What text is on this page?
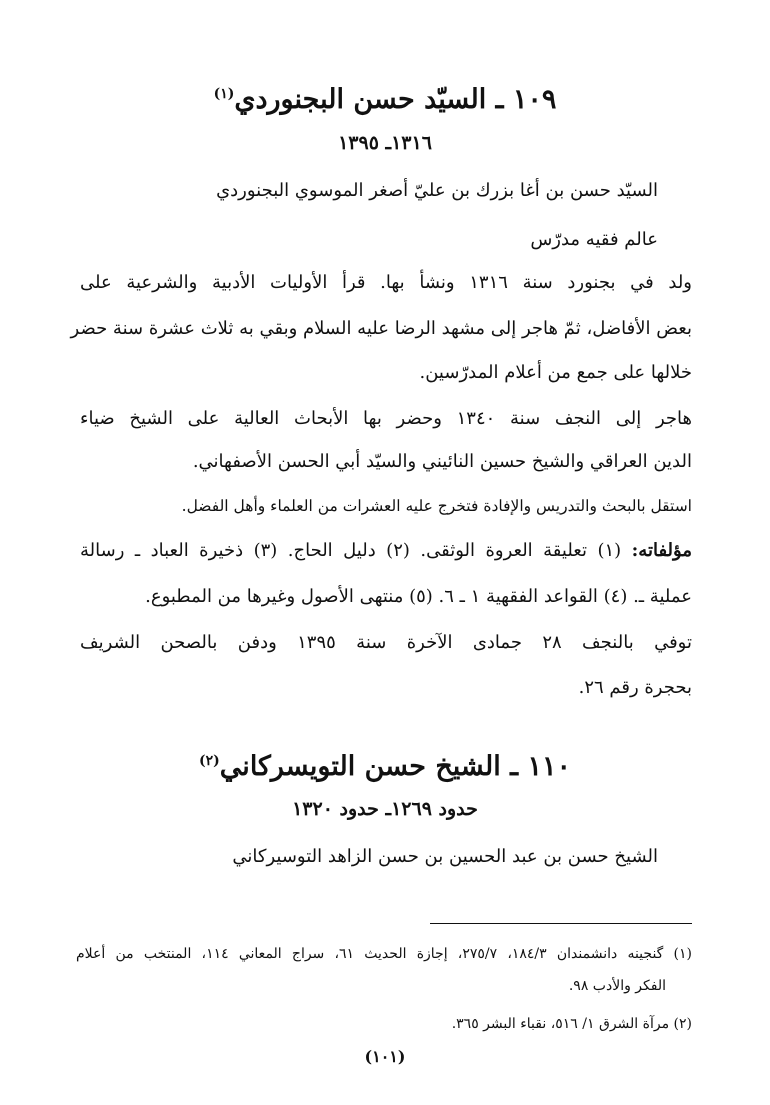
١٠٩ ـ السيّد حسن البجنوردي$^{(١)}$
١٣١٦ـ ١٣٩٥
السيّد حسن بن أغا بزرك بن عليّ أصغر الموسوي البجنوردي
عالم فقيه مدرّس
ولد في بجنورد سنة ١٣١٦ ونشأ بها. قرأ الأوليات الأدبية والشرعية على
بعض الأفاضل، ثمّ هاجر إلى مشهد الرضا عليه السلام وبقي به ثلاث عشرة سنة حضر
خلالها على جمع من أعلام المدرّسين.
هاجر إلى النجف سنة ١٣٤٠ وحضر بها الأبحاث العالية على الشيخ ضياء
الدين العراقي والشيخ حسين النائيني والسيّد أبي الحسن الأصفهاني.
استقل بالبحث والتدريس والإفادة فتخرج عليه العشرات من العلماء وأهل الفضل.
مؤلفاته: (١) تعليقة العروة الوثقى. (٢) دليل الحاج. (٣) ذخيرة العباد ـ رسالة
عملية ـ. (٤) القواعد الفقهية ١ ـ ٦. (٥) منتهى الأصول وغيرها من المطبوع.
توفي بالنجف ٢٨ جمادى الآخرة سنة ١٣٩٥ ودفن بالصحن الشريف
بحجرة رقم ٢٦.
١١٠ ـ الشيخ حسن التويسركاني$^{(٢)}$
حدود ١٢٦٩ـ حدود ١٣٢٠
الشيخ حسن بن عبد الحسين بن حسن الزاهد التوسيركاني
(١) گنجينه دانشمندان ١٨٤/٣، ٢٧٥/٧، إجازة الحديث ٦١، سراج المعاني ١١٤، المنتخب من أعلام
الفكر والأدب ٩٨.
(٢) مرآة الشرق ١/ ٥١٦، نقباء البشر ٣٦٥.
(١٠١)
